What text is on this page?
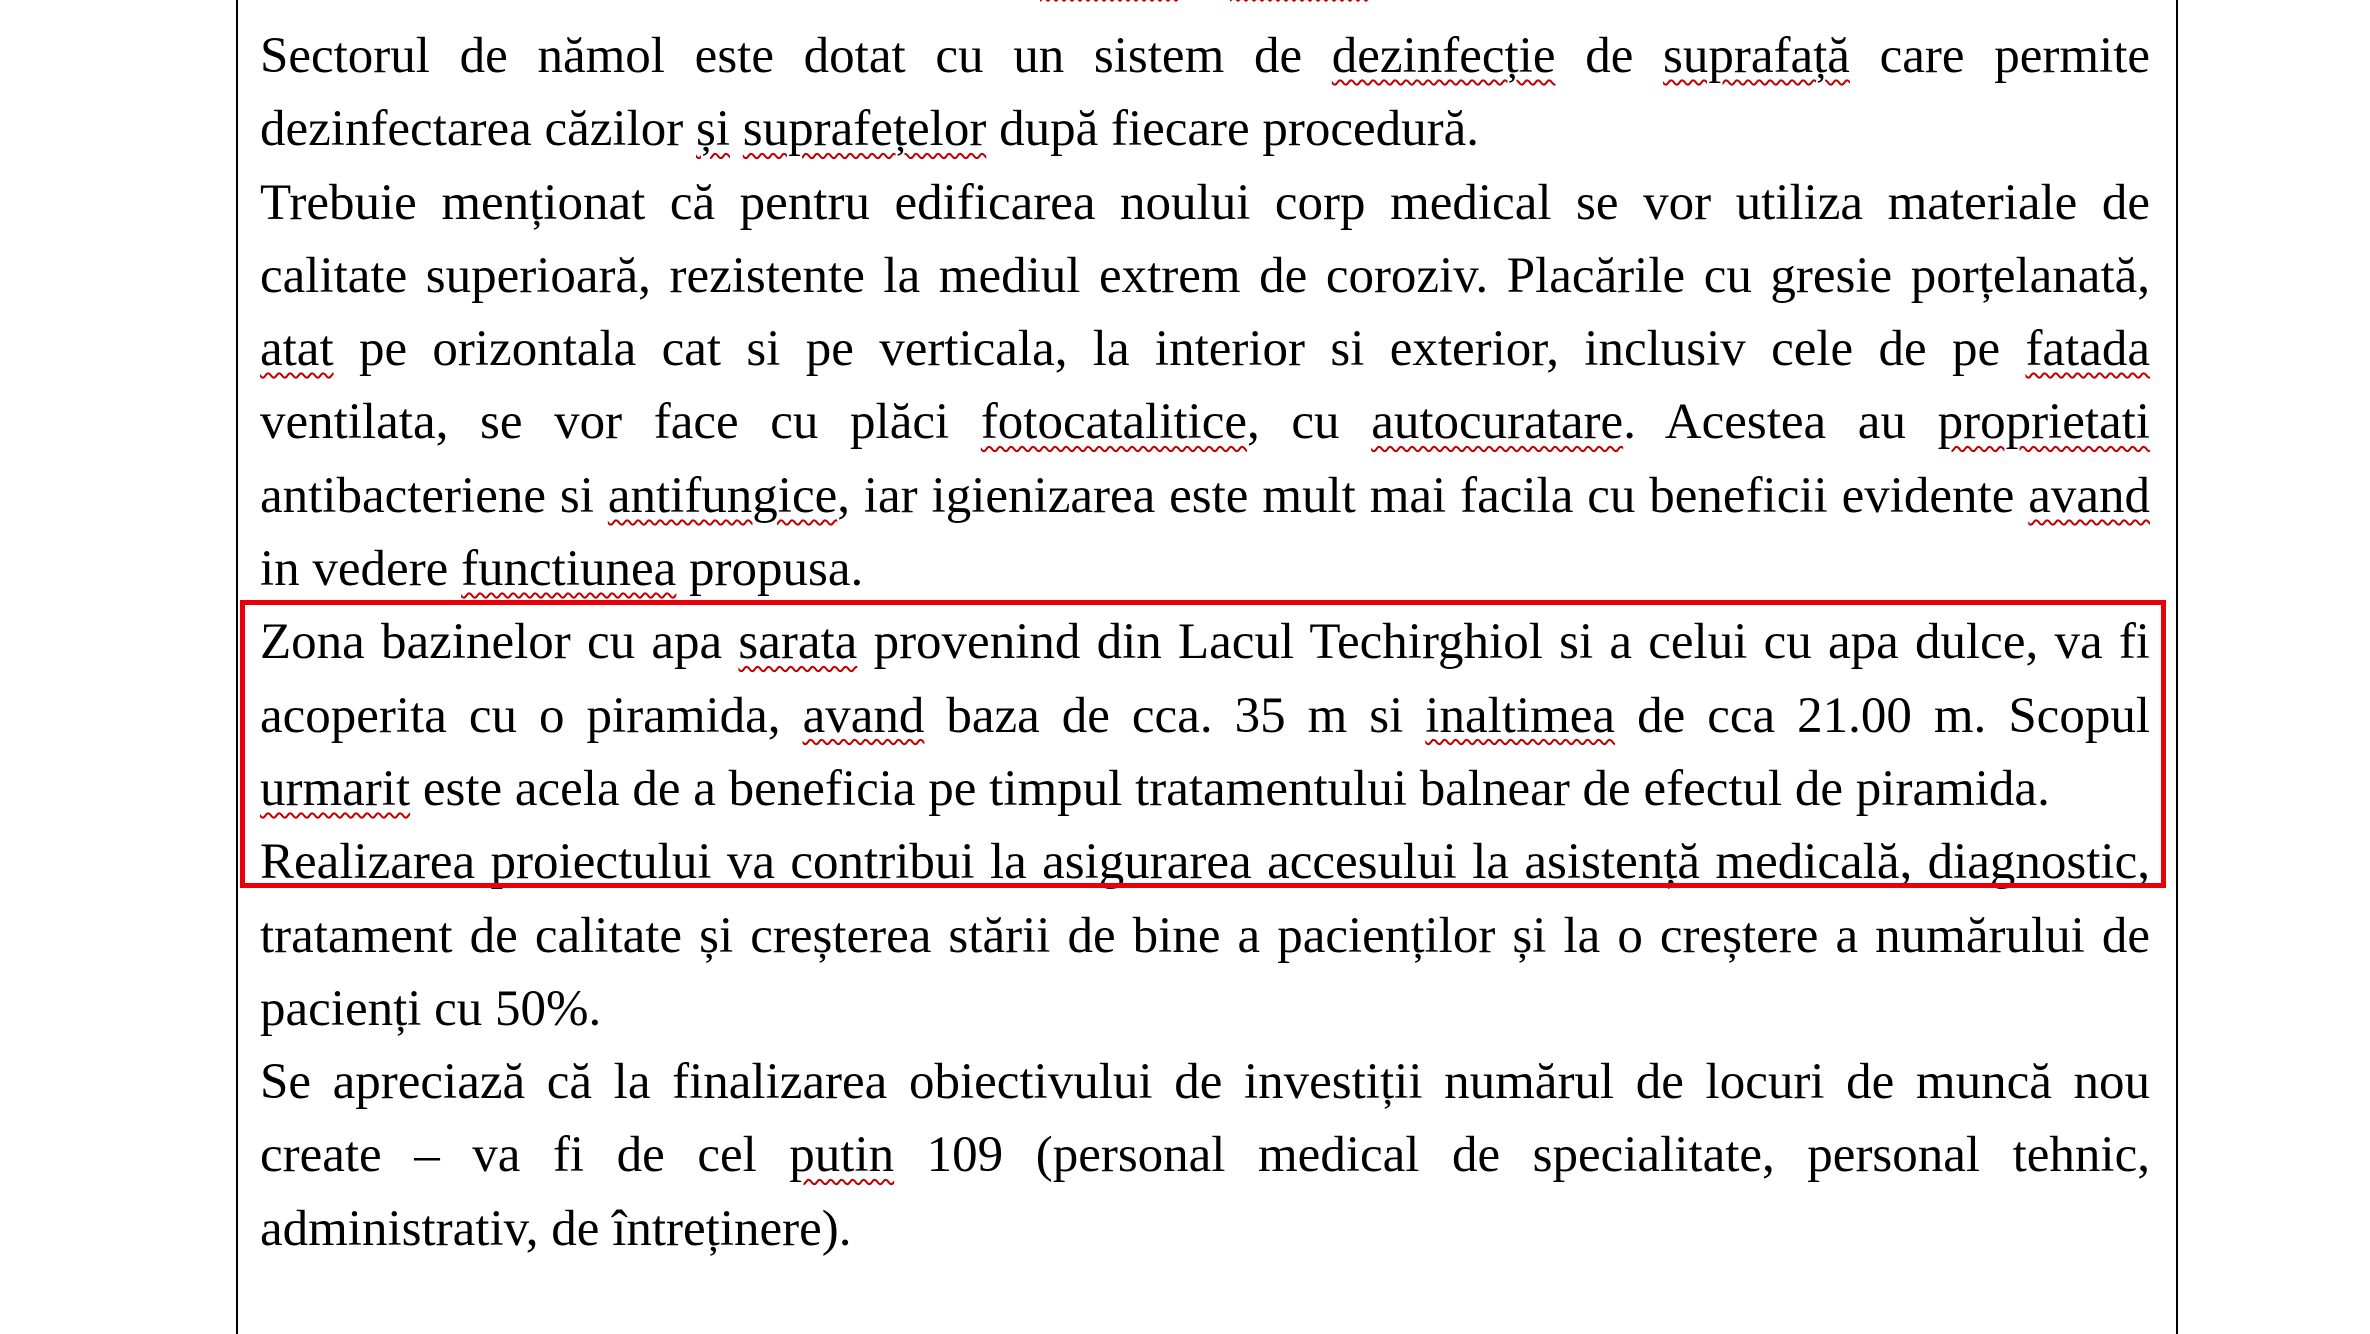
Sectorul de nămol este dotat cu un sistem de dezinfecție de suprafață care permite dezinfectarea căzilor și suprafețelor după fiecare procedură.

Trebuie menționat că pentru edificarea noului corp medical se vor utiliza materiale de calitate superioară, rezistente la mediul extrem de coroziv. Placările cu gresie porțelanată, atat pe orizontala cat si pe verticala, la interior si exterior, inclusiv cele de pe fatada ventilata, se vor face cu plăci fotocatalitice, cu autocuratare. Acestea au proprietati antibacteriene si antifungice, iar igienizarea este mult mai facila cu beneficii evidente avand in vedere functiunea propusa.

Zona bazinelor cu apa sarata provenind din Lacul Techirghiol si a celui cu apa dulce, va fi acoperita cu o piramida, avand baza de cca. 35 m si inaltimea de cca 21.00 m. Scopul urmarit este acela de a beneficia pe timpul tratamentului balnear de efectul de piramida.

Realizarea proiectului va contribui la asigurarea accesului la asistență medicală, diagnostic, tratament de calitate și creșterea stării de bine a pacienților și la o creștere a numărului de pacienți cu 50%.

Se apreciază că la finalizarea obiectivului de investiții numărul de locuri de muncă nou create – va fi de cel putin 109 (personal medical de specialitate, personal tehnic, administrativ, de întreținere).
